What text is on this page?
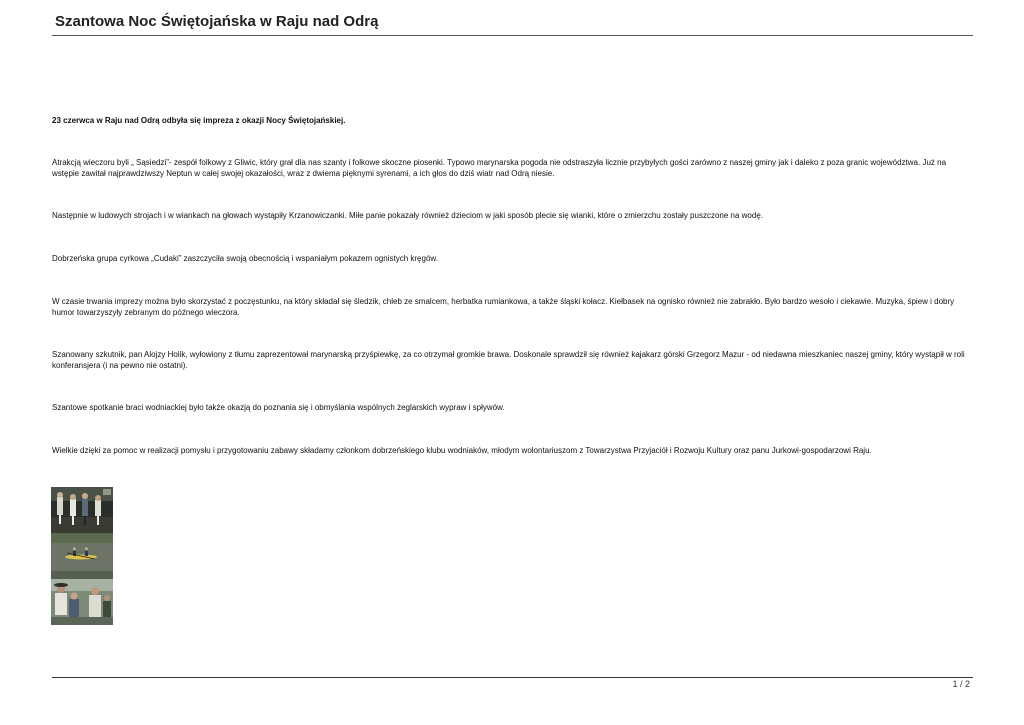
Szantowa Noc Świętojańska w Raju nad Odrą
23 czerwca w Raju nad Odrą odbyła się impreza z okazji Nocy Świętojańskiej.
Atrakcją wieczoru byli „ Sąsiedzi”- zespół folkowy z Gliwic, który grał dla nas szanty i folkowe skoczne piosenki. Typowo marynarska pogoda nie odstraszyła licznie przybyłych gości zarówno z naszej gminy jak i daleko z poza granic województwa. Już na wstępie zawitał najprawdziwszy Neptun w całej swojej okazałości, wraz z dwiema pięknymi syrenami, a ich głos do dziś wiatr nad Odrą niesie.
Następnie w ludowych strojach i w wiankach na głowach wystąpiły Krzanowiczanki. Miłe panie pokazały również dzieciom w jaki sposób plecie się wianki, które o zmierzchu zostały puszczone na wodę.
Dobrzeńska grupa cyrkowa „Cudaki” zaszczyciła swoją obecnością i wspaniałym pokazem ognistych kręgów.
W czasie trwania imprezy można było skorzystać z poczęstunku, na który składał się śledzik, chleb ze smalcem, herbatka rumiankowa, a także śląski kołacz. Kiełbasek na ognisko również nie zabrakło. Było bardzo wesoło i ciekawie. Muzyka, śpiew i dobry humor towarzyszyły zebranym do późnego wieczora.
Szanowany szkutnik, pan Alojzy Holik, wyłowiony z tłumu zaprezentował marynarską przyśpiewkę, za co otrzymał gromkie brawa. Doskonale sprawdził się również kajakarz górski Grzegorz Mazur - od niedawna mieszkaniec naszej gminy, który wystąpił w roli konferansjera (i na pewno nie ostatni).
Szantowe spotkanie braci wodniackiej było także okazją do poznania się i obmyślania wspólnych żeglarskich wypraw i spływów.
Wielkie dzięki za pomoc w realizacji pomysłu i przygotowaniu zabawy składamy członkom dobrzeńskiego klubu wodniaków, młodym wolontariuszom z Towarzystwa Przyjaciół i Rozwoju Kultury oraz panu Jurkowi-gospodarzowi Raju.
1 / 2
